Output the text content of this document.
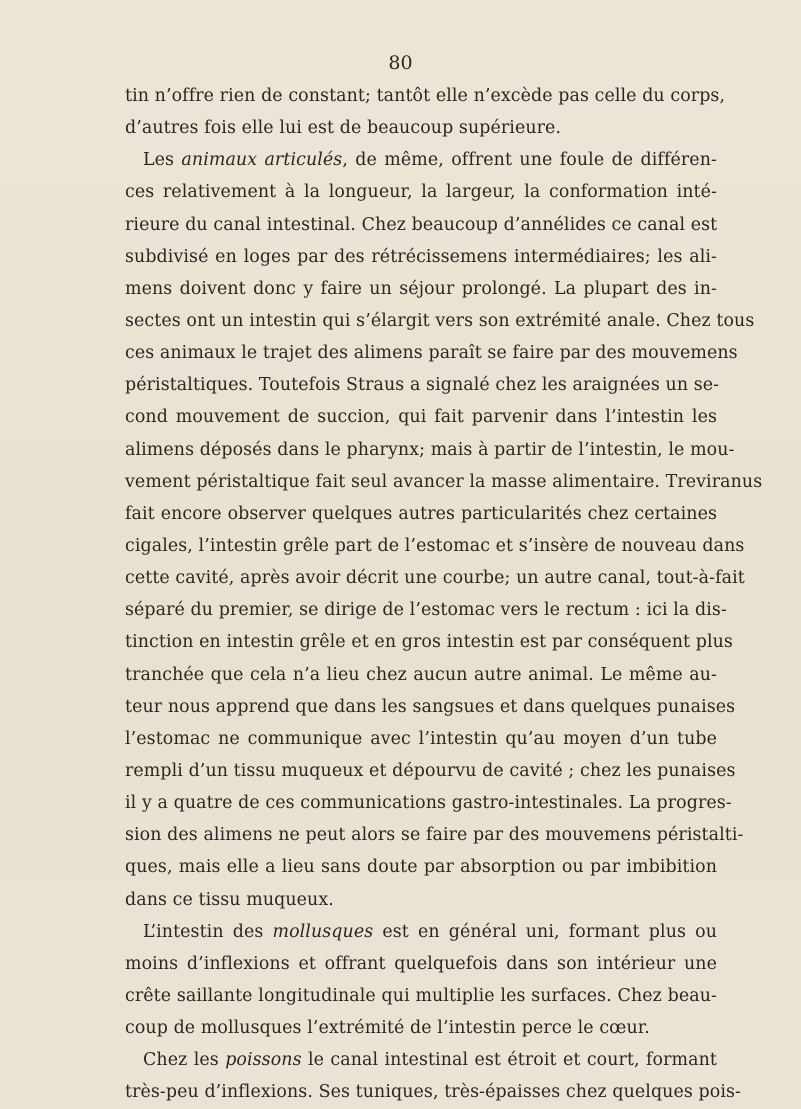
80
tin n’offre rien de constant; tantôt elle n’excède pas celle du corps,
d’autres fois elle lui est de beaucoup supérieure.
Les animaux articulés, de même, offrent une foule de différen-
ces relativement à la longueur, la largeur, la conformation inté-
rieure du canal intestinal. Chez beaucoup d’annélides ce canal est
subdivisé en loges par des rétrécissemens intermédiaires; les ali-
mens doivent donc y faire un séjour prolongé. La plupart des in-
sectes ont un intestin qui s’élargit vers son extrémité anale. Chez tous
ces animaux le trajet des alimens paraît se faire par des mouvemens
péristaltiques. Toutefois Straus a signalé chez les araignées un se-
cond mouvement de succion, qui fait parvenir dans l’intestin les
alimens déposés dans le pharynx; mais à partir de l’intestin, le mou-
vement péristaltique fait seul avancer la masse alimentaire. Treviranus
fait encore observer quelques autres particularités chez certaines
cigales, l’intestin grêle part de l’estomac et s’insère de nouveau dans
cette cavité, après avoir décrit une courbe; un autre canal, tout-à-fait
séparé du premier, se dirige de l’estomac vers le rectum : ici la dis-
tinction en intestin grêle et en gros intestin est par conséquent plus
tranchée que cela n’a lieu chez aucun autre animal. Le même au-
teur nous apprend que dans les sangsues et dans quelques punaises
l’estomac ne communique avec l’intestin qu’au moyen d’un tube
rempli d’un tissu muqueux et dépourvu de cavité ; chez les punaises
il y a quatre de ces communications gastro-intestinales. La progres-
sion des alimens ne peut alors se faire par des mouvemens péristalti-
ques, mais elle a lieu sans doute par absorption ou par imbibition
dans ce tissu muqueux.
L’intestin des mollusques est en général uni, formant plus ou
moins d’inflexions et offrant quelquefois dans son intérieur une
crête saillante longitudinale qui multiplie les surfaces. Chez beau-
coup de mollusques l’extrémité de l’intestin perce le cœur.
Chez les poissons le canal intestinal est étroit et court, formant
très-peu d’inflexions. Ses tuniques, très-épaisses chez quelques pois-
